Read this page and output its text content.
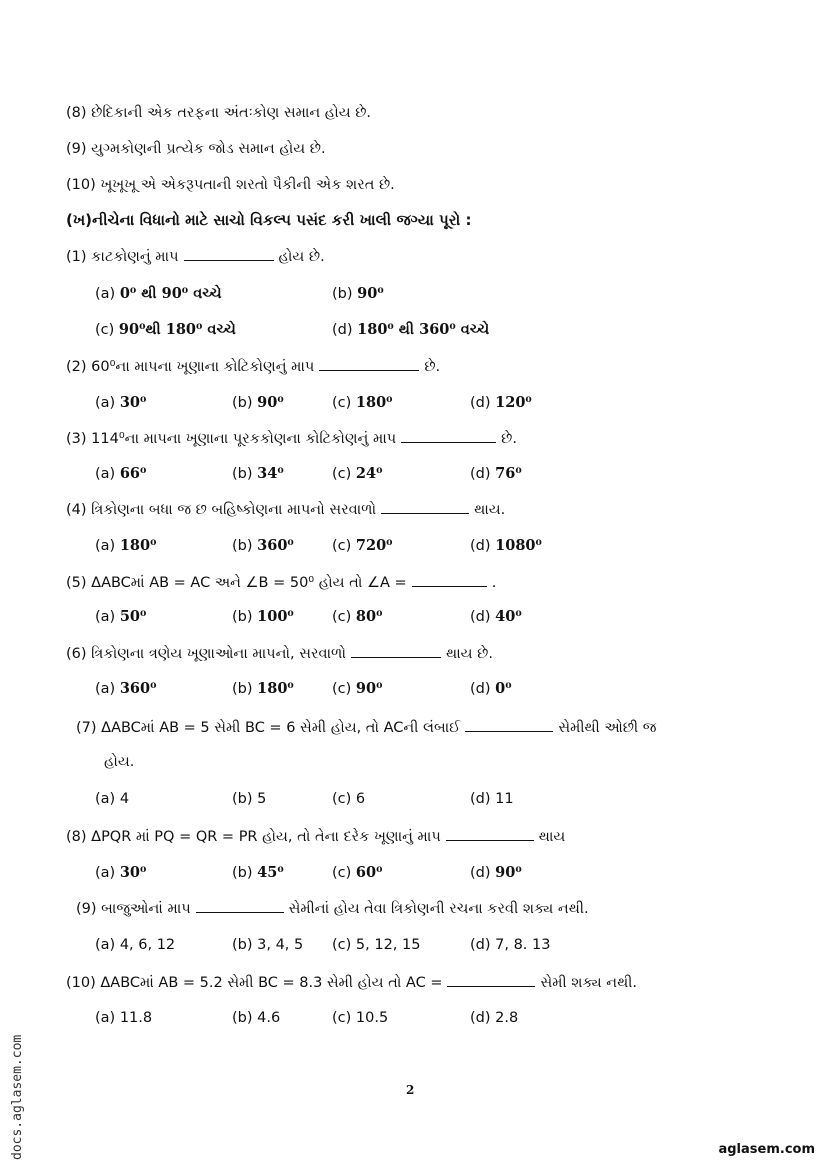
(8) છેદિકાની એક તરફના અંતઃકોણ સમાન હોય છે.
(9) યુગ્મકોણની પ્રત્યેક જોડ સમાન હોય છે.
(10) ખૂખૂખૂ એ એકરૂપતાની શરતો પૈકીની એક શરત છે.
(ખ)નીચેના વિધાનો માટે સાચો વિકલ્પ પસંદ કરી ખાલી જગ્યા પૂરો :
(1) કાટકોણનું માપ	હોય છે.
(a) 0⁰ થી 90⁰ વચ્ચે	(b) 90⁰
(c) 90⁰થી 180⁰ વચ્ચે	(d) 180⁰ થી 360⁰ વચ્ચે
(2) 60⁰ના માપના ખૂણાના કોટિકોણનું માપ	છે.
(a) 30⁰	(b) 90⁰	(c) 180⁰	(d) 120⁰
(3) 114⁰ના માપના ખૂણાના પૂરકકોણના કોટિકોણનું માપ	છે.
(a) 66⁰	(b) 34⁰	(c) 24⁰	(d) 76⁰
(4) ત્રિકોણના બધા જ છ બહિષ્કોણના માપનો સરવાળો	થાય.
(a) 180⁰	(b) 360⁰	(c) 720⁰	(d) 1080⁰
(5) ΔABCમાં AB = AC અને ∠B = 50⁰ હોય તો ∠A =	.
(a) 50⁰	(b) 100⁰	(c) 80⁰	(d) 40⁰
(6) ત્રિકોણના ત્રણેય ખૂણાઓના માપનો, સરવાળો	થાય છે.
(a) 360⁰	(b) 180⁰	(c) 90⁰	(d) 0⁰
(7) ΔABCમાં AB = 5 સેમી BC = 6 સેમી હોય, તો ACની લંબાઈ	સેમીથી ઓછી જ
હોય.
(a) 4	(b) 5	(c) 6	(d) 11
(8) ΔPQR માં PQ = QR = PR હોય, તો તેના દરેક ખૂણાનું માપ	થાય
(a) 30⁰	(b) 45⁰	(c) 60⁰	(d) 90⁰
(9) બાજુઓનાં માપ	સેમીનાં હોય તેવા ત્રિકોણની રચના કરવી શક્ય નથી.
(a) 4, 6, 12	(b) 3, 4, 5 (c) 5, 12, 15	(d) 7, 8. 13
(10) ΔABCમાં AB = 5.2 સેમી BC = 8.3 સેમી હોય તો AC =	સેમી શક્ય નથી.
(a) 11.8	(b) 4.6	(c) 10.5	(d) 2.8
2
docs.aglasem.com	aglasem.com
